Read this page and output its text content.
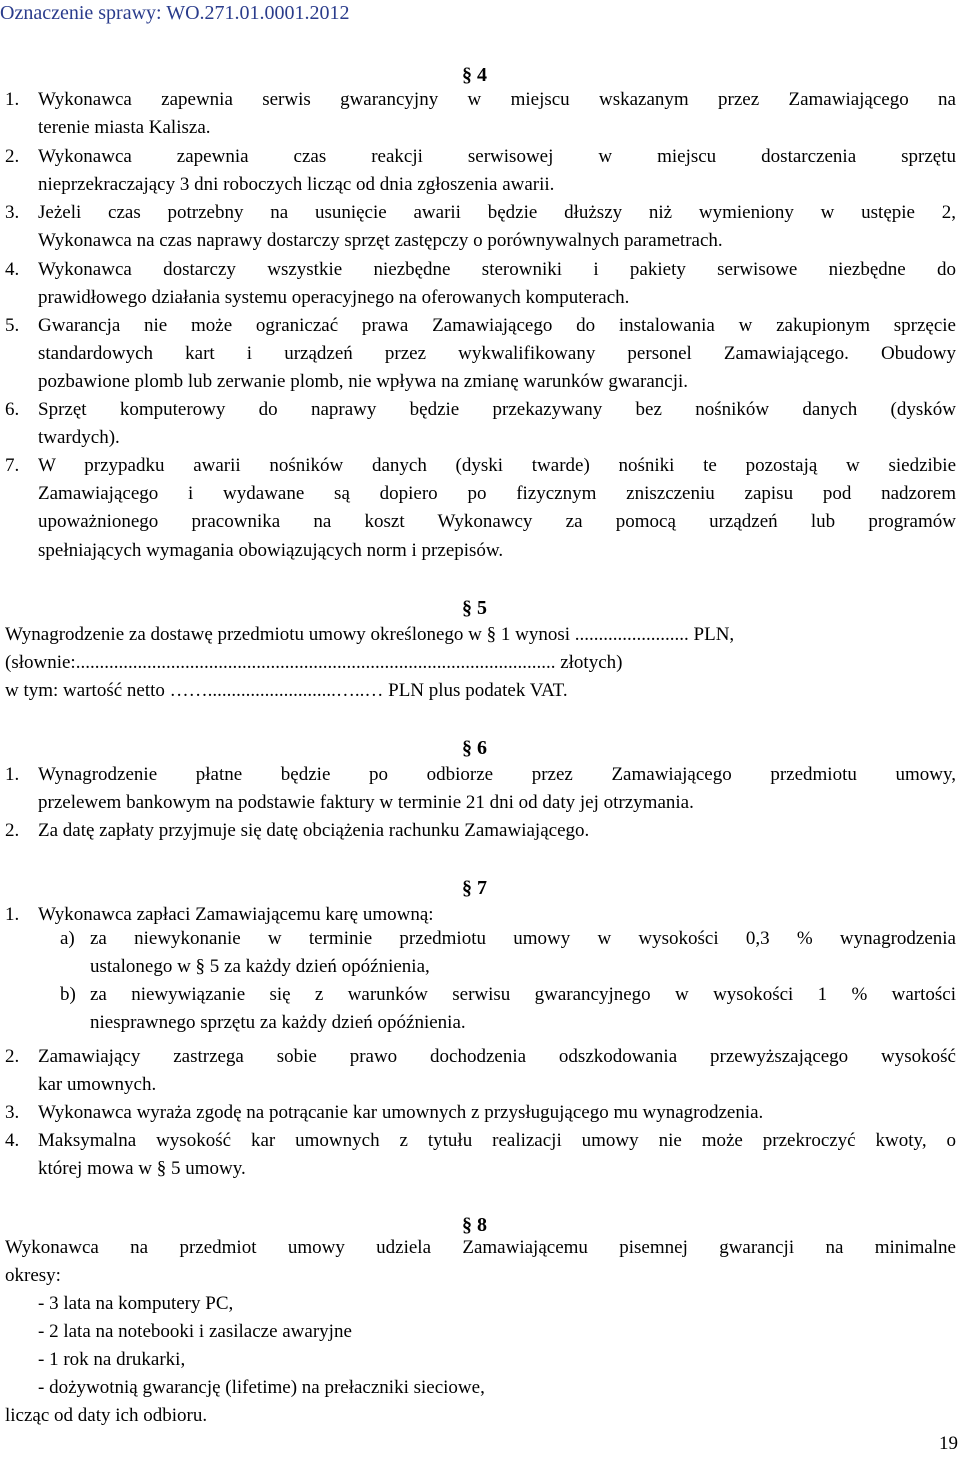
Oznaczenie sprawy: WO.271.01.0001.2012
§ 4
1. Wykonawca zapewnia serwis gwarancyjny w miejscu wskazanym przez Zamawiającego na
terenie miasta Kalisza.
2. Wykonawca zapewnia czas reakcji serwisowej w miejscu dostarczenia sprzętu
nieprzekraczający 3 dni roboczych licząc od dnia zgłoszenia awarii.
3. Jeżeli czas potrzebny na usunięcie awarii będzie dłuższy niż wymieniony w ustępie 2,
Wykonawca na czas naprawy dostarczy sprzęt zastępczy o porównywalnych parametrach.
4. Wykonawca dostarczy wszystkie niezbędne sterowniki i pakiety serwisowe niezbędne do
prawidłowego działania systemu operacyjnego na oferowanych komputerach.
5. Gwarancja nie może ograniczać prawa Zamawiającego do instalowania w zakupionym sprzęcie
standardowych kart i urządzeń przez wykwalifikowany personel Zamawiającego. Obudowy
pozbawione plomb lub zerwanie plomb, nie wpływa na zmianę warunków gwarancji.
6. Sprzęt komputerowy do naprawy będzie przekazywany bez nośników danych (dysków
twardych).
7. W przypadku awarii nośników danych (dyski twarde) nośniki te pozostają w siedzibie
Zamawiającego i wydawane są dopiero po fizycznym zniszczeniu zapisu pod nadzorem
upoważnionego pracownika na koszt Wykonawcy za pomocą urządzeń lub programów
spełniających wymagania obowiązujących norm i przepisów.
§ 5
Wynagrodzenie za dostawę przedmiotu umowy określonego w § 1 wynosi ........................ PLN,
(słownie:..................................................................................................... złotych)
w tym: wartość netto ……...........................…..… PLN plus podatek VAT.
§ 6
1. Wynagrodzenie płatne będzie po odbiorze przez Zamawiającego przedmiotu umowy,
przelewem bankowym na podstawie faktury w terminie 21 dni od daty jej otrzymania.
2. Za datę zapłaty przyjmuje się datę obciążenia rachunku Zamawiającego.
§ 7
1. Wykonawca zapłaci Zamawiającemu karę umowną:
a) za niewykonanie w terminie przedmiotu umowy w wysokości 0,3 % wynagrodzenia
ustalonego w § 5 za każdy dzień opóźnienia,
b) za niewywiązanie się z warunków serwisu gwarancyjnego w wysokości 1 % wartości
niesprawnego sprzętu za każdy dzień opóźnienia.
2. Zamawiający zastrzega sobie prawo dochodzenia odszkodowania przewyższającego wysokość
kar umownych.
3. Wykonawca wyraża zgodę na potrącanie kar umownych z przysługującego mu wynagrodzenia.
4. Maksymalna wysokość kar umownych z tytułu realizacji umowy nie może przekroczyć kwoty, o
której mowa w § 5 umowy.
§ 8
Wykonawca na przedmiot umowy udziela Zamawiającemu pisemnej gwarancji na minimalne
okresy:
- 3 lata na komputery PC,
- 2 lata na notebooki i zasilacze awaryjne
- 1 rok na drukarki,
- dożywotnią gwarancję (lifetime) na prełaczniki sieciowe,
licząc od daty ich odbioru.
19
